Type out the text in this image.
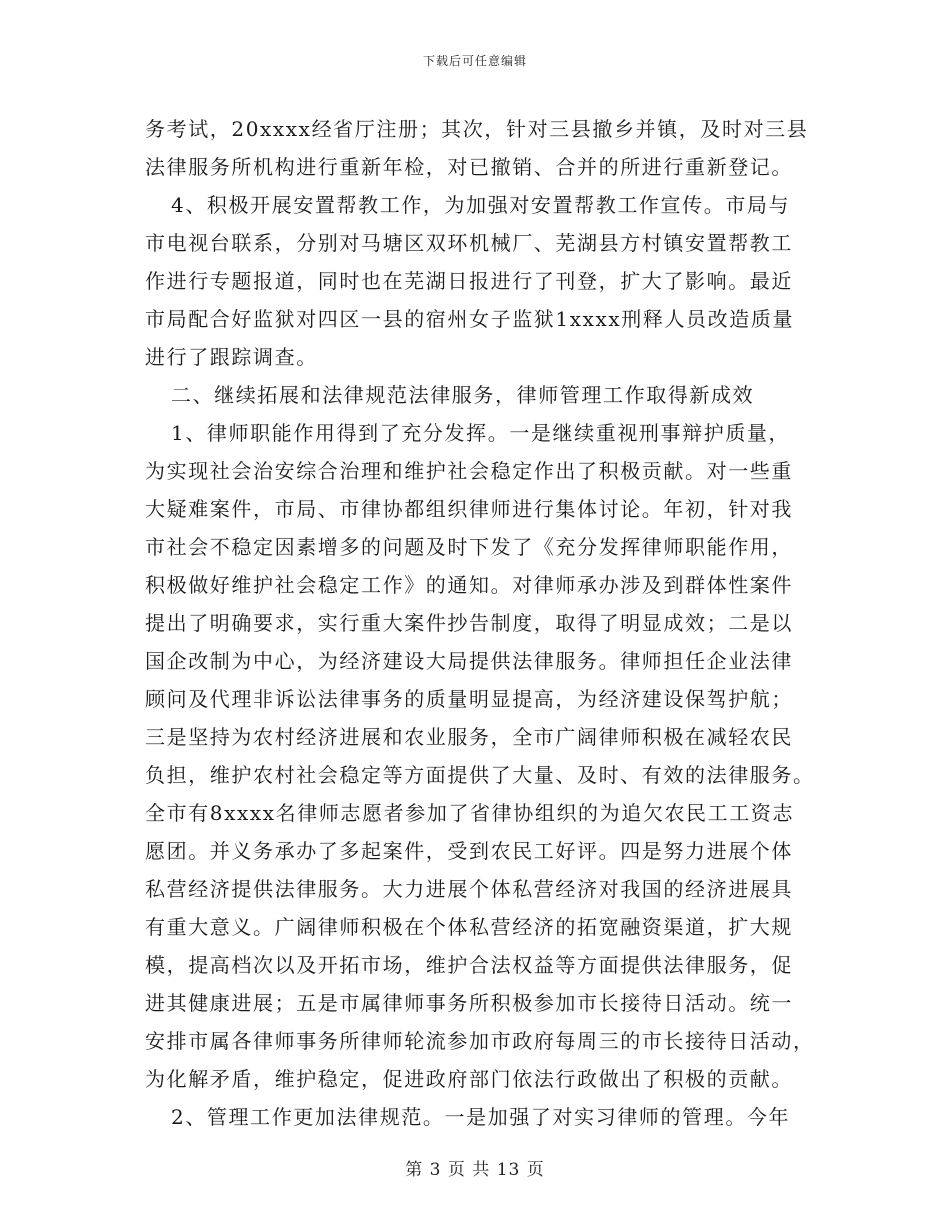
下载后可任意编辑
务考试，20xxxx经省厅注册；其次，针对三县撤乡并镇，及时对三县
法律服务所机构进行重新年检，对已撤销、合并的所进行重新登记。
4、积极开展安置帮教工作，为加强对安置帮教工作宣传。市局与
市电视台联系，分别对马塘区双环机械厂、芜湖县方村镇安置帮教工
作进行专题报道，同时也在芜湖日报进行了刊登，扩大了影响。最近
市局配合好监狱对四区一县的宿州女子监狱1xxxx刑释人员改造质量
进行了跟踪调查。
二、继续拓展和法律规范法律服务，律师管理工作取得新成效
1、律师职能作用得到了充分发挥。一是继续重视刑事辩护质量，
为实现社会治安综合治理和维护社会稳定作出了积极贡献。对一些重
大疑难案件，市局、市律协都组织律师进行集体讨论。年初，针对我
市社会不稳定因素增多的问题及时下发了《充分发挥律师职能作用，
积极做好维护社会稳定工作》的通知。对律师承办涉及到群体性案件
提出了明确要求，实行重大案件抄告制度，取得了明显成效；二是以
国企改制为中心，为经济建设大局提供法律服务。律师担任企业法律
顾问及代理非诉讼法律事务的质量明显提高，为经济建设保驾护航；
三是坚持为农村经济进展和农业服务，全市广阔律师积极在减轻农民
负担，维护农村社会稳定等方面提供了大量、及时、有效的法律服务。
全市有8xxxx名律师志愿者参加了省律协组织的为追欠农民工工资志
愿团。并义务承办了多起案件，受到农民工好评。四是努力进展个体
私营经济提供法律服务。大力进展个体私营经济对我国的经济进展具
有重大意义。广阔律师积极在个体私营经济的拓宽融资渠道，扩大规
模，提高档次以及开拓市场，维护合法权益等方面提供法律服务，促
进其健康进展；五是市属律师事务所积极参加市长接待日活动。统一
安排市属各律师事务所律师轮流参加市政府每周三的市长接待日活动，
为化解矛盾，维护稳定，促进政府部门依法行政做出了积极的贡献。
2、管理工作更加法律规范。一是加强了对实习律师的管理。今年
第 3 页 共 13 页
